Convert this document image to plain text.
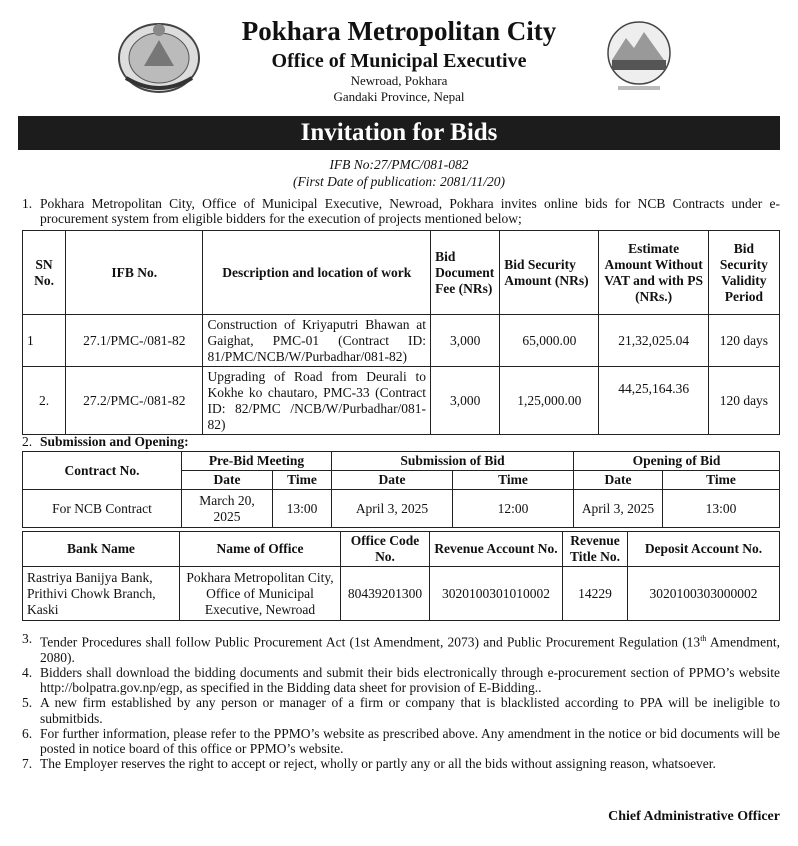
Pokhara Metropolitan City
Office of Municipal Executive
Newroad, Pokhara
Gandaki Province, Nepal
Invitation for Bids
IFB No:27/PMC/081-082
(First Date of publication: 2081/11/20)
1. Pokhara Metropolitan City, Office of Municipal Executive, Newroad, Pokhara invites online bids for NCB Contracts under e-procurement system from eligible bidders for the execution of projects mentioned below;
SN No.	IFB No.	Description and location of work	Bid Document Fee (NRs)	Bid Security Amount (NRs)	Estimate Amount Without VAT and with PS (NRs.)	Bid Security Validity Period
1	27.1/PMC-/081-82	Construction of Kriyaputri Bhawan at Gaighat, PMC-01 (Contract ID: 81/PMC/NCB/W/Purbadhar/081-82)	3,000	65,000.00	21,32,025.04	120 days
2.	27.2/PMC-/081-82	Upgrading of Road from Deurali to Kokhe ko chautaro, PMC-33 (Contract ID: 82/PMC /NCB/W/Purbadhar/081-82)	3,000	1,25,000.00	44,25,164.36	120 days
2. Submission and Opening:
Contract No.	Pre-Bid Meeting		Submission of Bid		Opening of Bid	
	Date	Time	Date	Time	Date	Time
For NCB Contract	March 20, 2025	13:00	April 3, 2025	12:00	April 3, 2025	13:00
Bank Name	Name of Office	Office Code No.	Revenue Account No.	Revenue Title No.	Deposit Account No.
Rastriya Banijya Bank, Prithivi Chowk Branch, Kaski	Pokhara Metropolitan City, Office of Municipal Executive, Newroad	80439201300	3020100301010002	14229	3020100303000002
3. Tender Procedures shall follow Public Procurement Act (1st Amendment, 2073) and Public Procurement Regulation (13th Amendment, 2080).
4. Bidders shall download the bidding documents and submit their bids electronically through e-procurement section of PPMO’s website http://bolpatra.gov.np/egp, as specified in the Bidding data sheet for provision of E-Bidding..
5. A new firm established by any person or manager of a firm or company that is blacklisted according to PPA will be ineligible to submitbids.
6. For further information, please refer to the PPMO’s website as prescribed above. Any amendment in the notice or bid documents will be posted in notice board of this office or PPMO’s website.
7. The Employer reserves the right to accept or reject, wholly or partly any or all the bids without assigning reason, whatsoever.
Chief Administrative Officer
